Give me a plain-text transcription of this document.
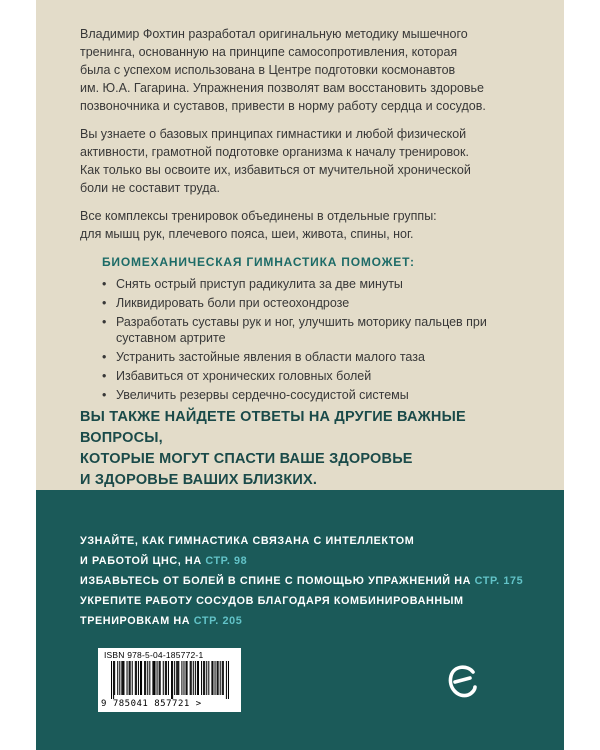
Владимир Фохтин разработал оригинальную методику мышечного
тренинга, основанную на принципе самосопротивления, которая
была с успехом использована в Центре подготовки космонавтов
им. Ю.А. Гагарина. Упражнения позволят вам восстановить здоровье
позвоночника и суставов, привести в норму работу сердца и сосудов.
Вы узнаете о базовых принципах гимнастики и любой физической
активности, грамотной подготовке организма к началу тренировок.
Как только вы освоите их, избавиться от мучительной хронической
боли не составит труда.
Все комплексы тренировок объединены в отдельные группы:
для мышц рук, плечевого пояса, шеи, живота, спины, ног.
БИОМЕХАНИЧЕСКАЯ ГИМНАСТИКА ПОМОЖЕТ:
• Снять острый приступ радикулита за две минуты
• Ликвидировать боли при остеохондрозе
• Разработать суставы рук и ног, улучшить моторику пальцев при суставном артрите
• Устранить застойные явления в области малого таза
• Избавиться от хронических головных болей
• Увеличить резервы сердечно-сосудистой системы
ВЫ ТАКЖЕ НАЙДЕТЕ ОТВЕТЫ НА ДРУГИЕ ВАЖНЫЕ ВОПРОСЫ,
КОТОРЫЕ МОГУТ СПАСТИ ВАШЕ ЗДОРОВЬЕ
И ЗДОРОВЬЕ ВАШИХ БЛИЗКИХ.
УЗНАЙТЕ, КАК ГИМНАСТИКА СВЯЗАНА С ИНТЕЛЛЕКТОМ
И РАБОТОЙ ЦНС, НА СТР. 98
ИЗБАВЬТЕСЬ ОТ БОЛЕЙ В СПИНЕ С ПОМОЩЬЮ УПРАЖНЕНИЙ НА СТР. 175
УКРЕПИТЕ РАБОТУ СОСУДОВ БЛАГОДАРЯ КОМБИНИРОВАННЫМ
ТРЕНИРОВКАМ НА СТР. 205
ISBN 978-5-04-185772-1
9 785041 857721 >
